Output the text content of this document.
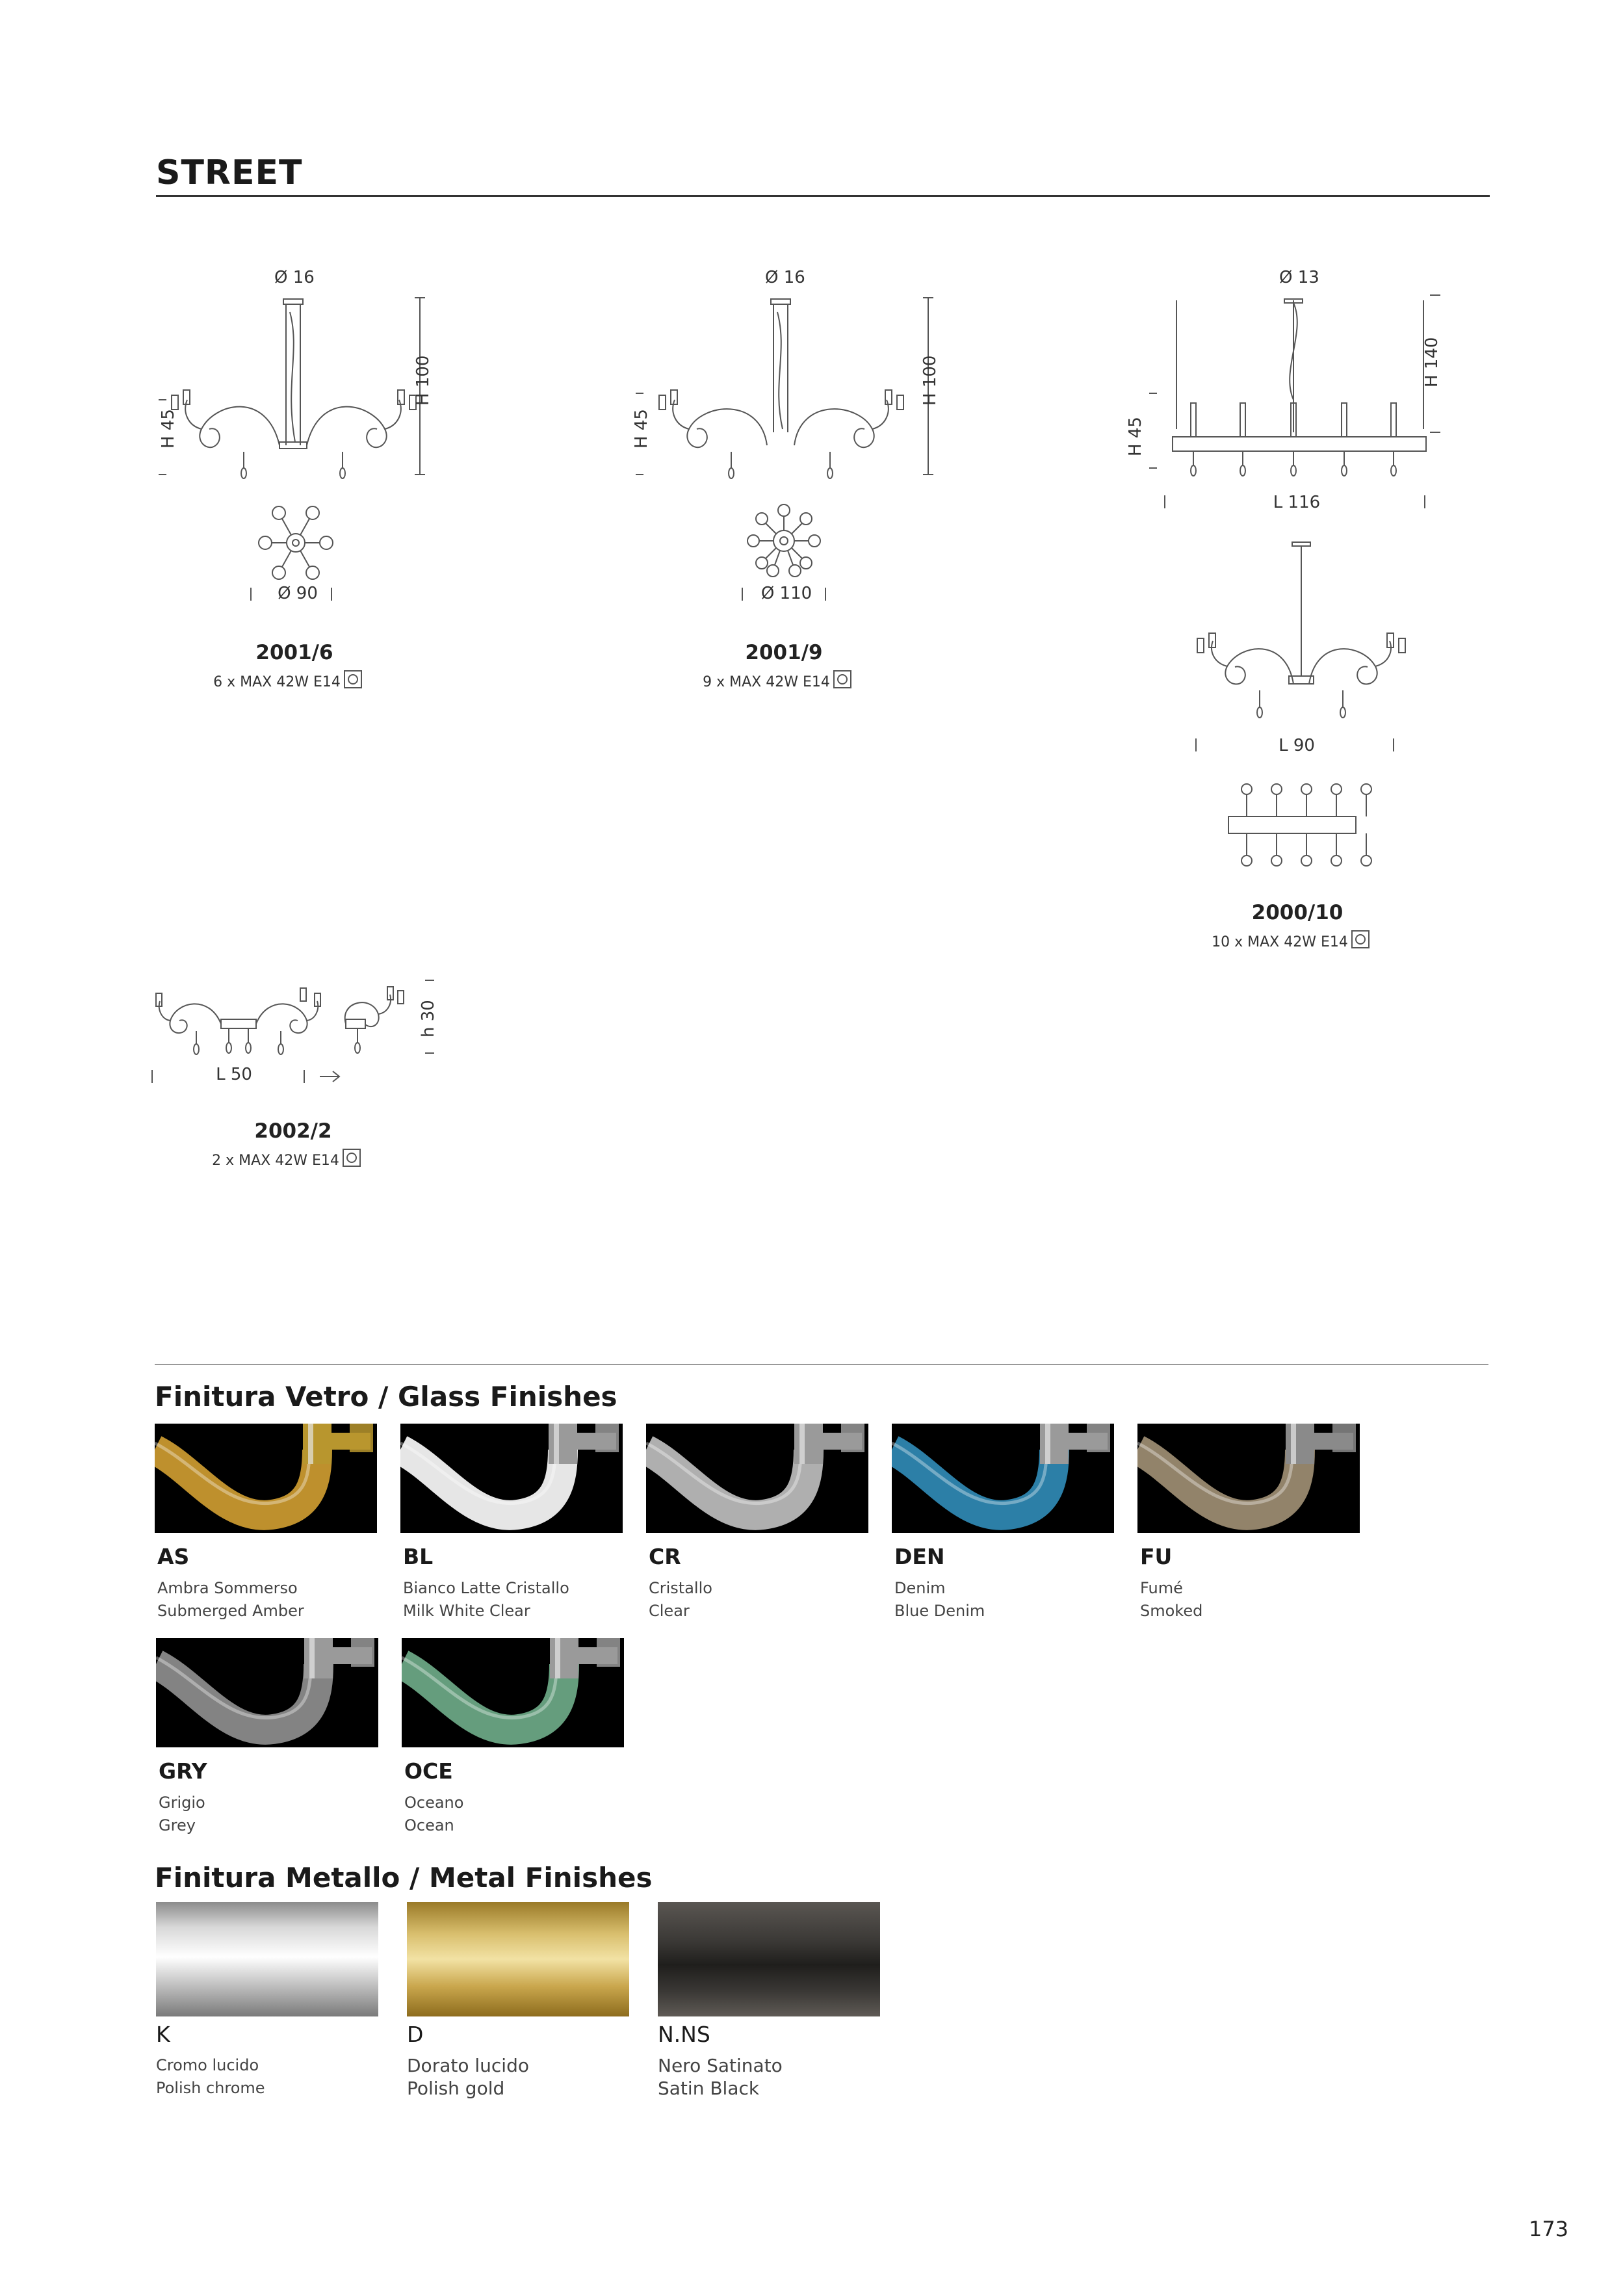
STREET
Ø 16
H 100
H 45
Ø 90
2001/6
6 x MAX 42W E14
Ø 16
H 100
H 45
Ø 110
2001/9
9 x MAX 42W E14
Ø 13
H 140
H 45
L 116
L 90
2000/10
10 x MAX 42W E14
h 30
L 50
2002/2
2 x MAX 42W E14
Finitura Vetro / Glass Finishes
AS
Ambra Sommerso
Submerged Amber
BL
Bianco Latte Cristallo
Milk White Clear
CR
Cristallo
Clear
DEN
Denim
Blue Denim
FU
Fumé
Smoked
GRY
Grigio
Grey
OCE
Oceano
Ocean
Finitura Metallo / Metal Finishes
K
Cromo lucido
Polish chrome
D
Dorato lucido
Polish gold
N.NS
Nero Satinato
Satin Black
173
